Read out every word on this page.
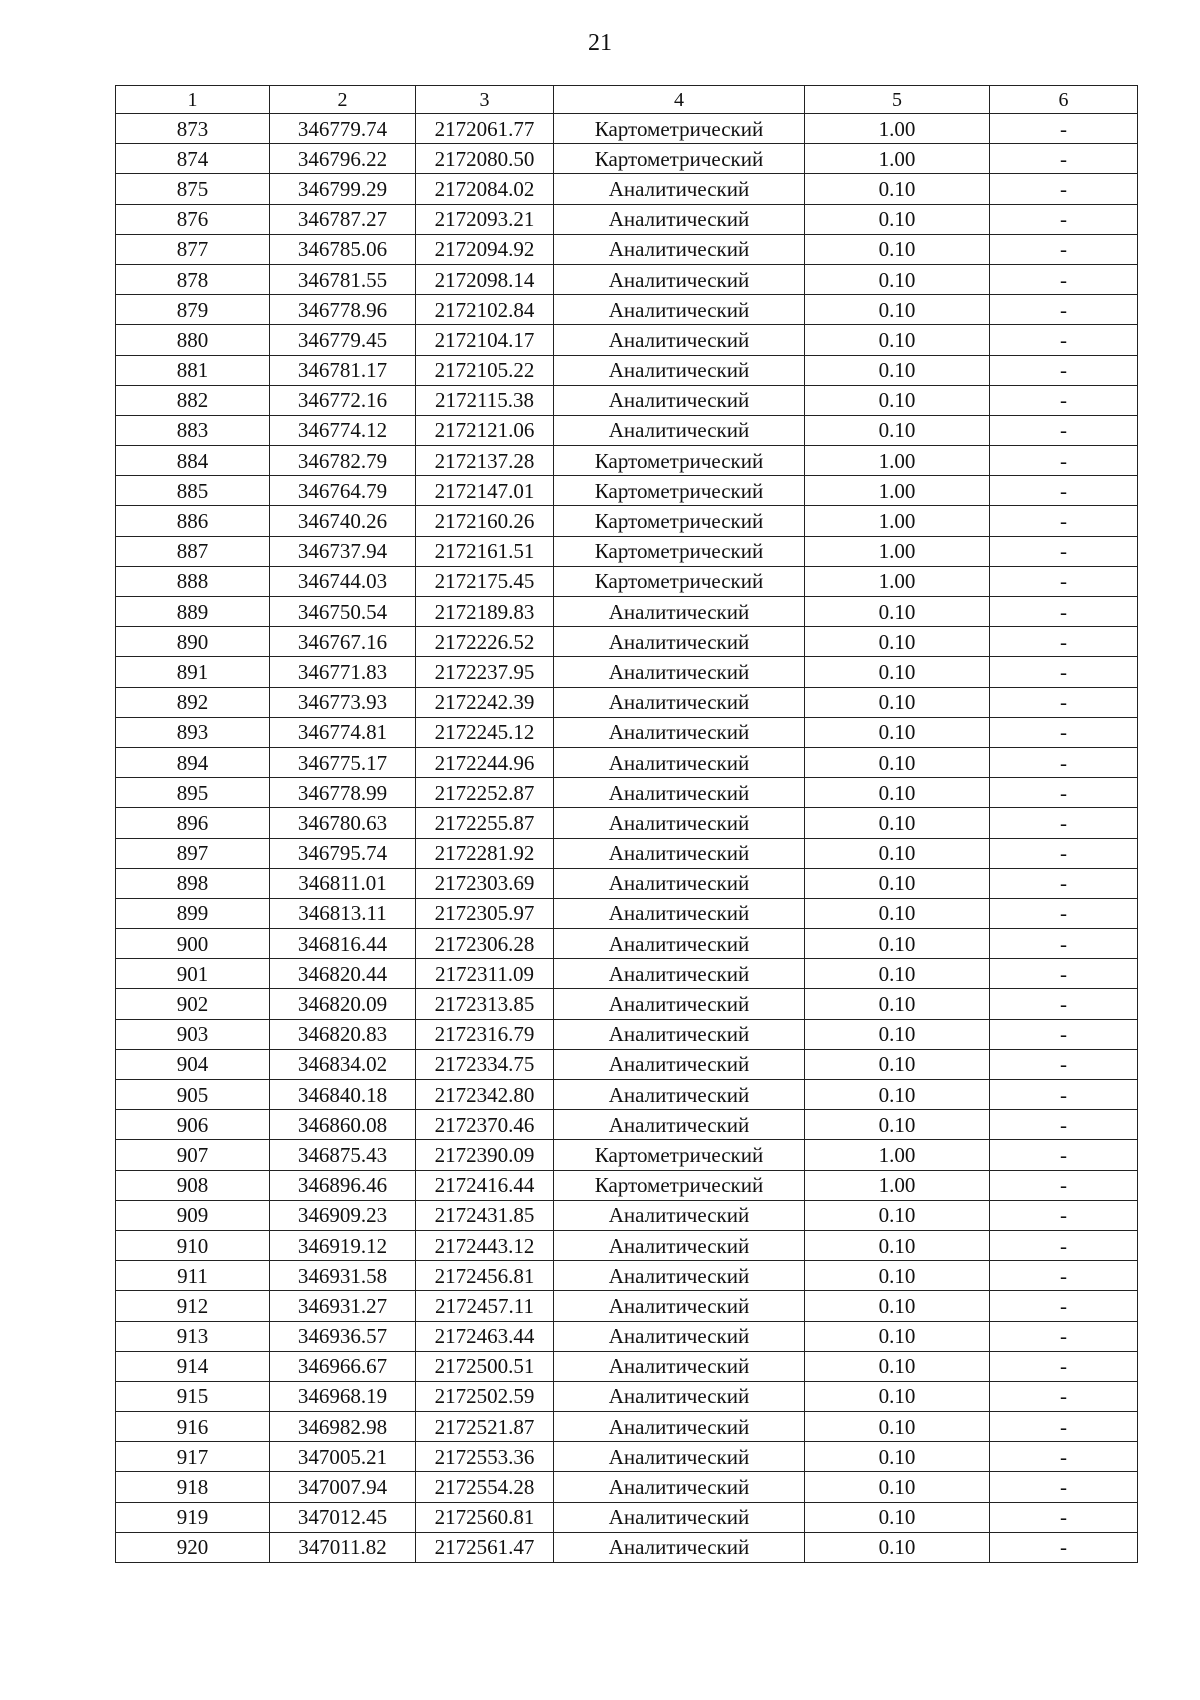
21
1	2	3	4	5	6
873	346779.74	2172061.77	Картометрический	1.00	-
874	346796.22	2172080.50	Картометрический	1.00	-
875	346799.29	2172084.02	Аналитический	0.10	-
876	346787.27	2172093.21	Аналитический	0.10	-
877	346785.06	2172094.92	Аналитический	0.10	-
878	346781.55	2172098.14	Аналитический	0.10	-
879	346778.96	2172102.84	Аналитический	0.10	-
880	346779.45	2172104.17	Аналитический	0.10	-
881	346781.17	2172105.22	Аналитический	0.10	-
882	346772.16	2172115.38	Аналитический	0.10	-
883	346774.12	2172121.06	Аналитический	0.10	-
884	346782.79	2172137.28	Картометрический	1.00	-
885	346764.79	2172147.01	Картометрический	1.00	-
886	346740.26	2172160.26	Картометрический	1.00	-
887	346737.94	2172161.51	Картометрический	1.00	-
888	346744.03	2172175.45	Картометрический	1.00	-
889	346750.54	2172189.83	Аналитический	0.10	-
890	346767.16	2172226.52	Аналитический	0.10	-
891	346771.83	2172237.95	Аналитический	0.10	-
892	346773.93	2172242.39	Аналитический	0.10	-
893	346774.81	2172245.12	Аналитический	0.10	-
894	346775.17	2172244.96	Аналитический	0.10	-
895	346778.99	2172252.87	Аналитический	0.10	-
896	346780.63	2172255.87	Аналитический	0.10	-
897	346795.74	2172281.92	Аналитический	0.10	-
898	346811.01	2172303.69	Аналитический	0.10	-
899	346813.11	2172305.97	Аналитический	0.10	-
900	346816.44	2172306.28	Аналитический	0.10	-
901	346820.44	2172311.09	Аналитический	0.10	-
902	346820.09	2172313.85	Аналитический	0.10	-
903	346820.83	2172316.79	Аналитический	0.10	-
904	346834.02	2172334.75	Аналитический	0.10	-
905	346840.18	2172342.80	Аналитический	0.10	-
906	346860.08	2172370.46	Аналитический	0.10	-
907	346875.43	2172390.09	Картометрический	1.00	-
908	346896.46	2172416.44	Картометрический	1.00	-
909	346909.23	2172431.85	Аналитический	0.10	-
910	346919.12	2172443.12	Аналитический	0.10	-
911	346931.58	2172456.81	Аналитический	0.10	-
912	346931.27	2172457.11	Аналитический	0.10	-
913	346936.57	2172463.44	Аналитический	0.10	-
914	346966.67	2172500.51	Аналитический	0.10	-
915	346968.19	2172502.59	Аналитический	0.10	-
916	346982.98	2172521.87	Аналитический	0.10	-
917	347005.21	2172553.36	Аналитический	0.10	-
918	347007.94	2172554.28	Аналитический	0.10	-
919	347012.45	2172560.81	Аналитический	0.10	-
920	347011.82	2172561.47	Аналитический	0.10	-
